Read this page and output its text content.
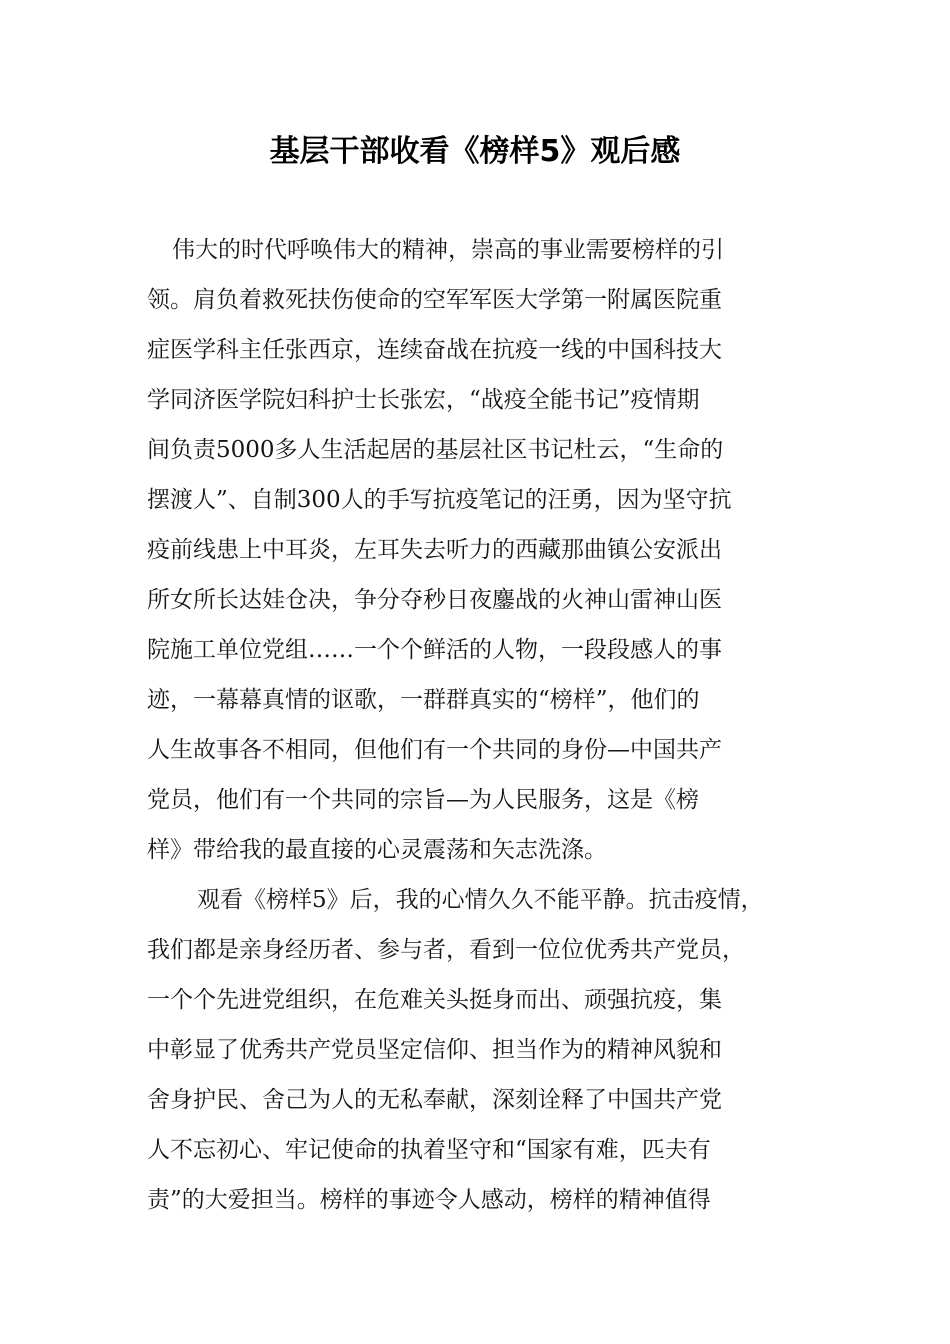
基层干部收看《榜样5》观后感

伟大的时代呼唤伟大的精神，崇高的事业需要榜样的引

领。肩负着救死扶伤使命的空军军医大学第一附属医院重

症医学科主任张西京，连续奋战在抗疫一线的中国科技大

学同济医学院妇科护士长张宏，“战疫全能书记”疫情期

间负责5000多人生活起居的基层社区书记杜云，“生命的

摆渡人”、自制300人的手写抗疫笔记的汪勇，因为坚守抗

疫前线患上中耳炎，左耳失去听力的西藏那曲镇公安派出

所女所长达娃仓决，争分夺秒日夜鏖战的火神山雷神山医

院施工单位党组……一个个鲜活的人物，一段段感人的事

迹，一幕幕真情的讴歌，一群群真实的“榜样”，他们的

人生故事各不相同，但他们有一个共同的身份—中国共产

党员，他们有一个共同的宗旨—为人民服务，这是《榜

样》带给我的最直接的心灵震荡和矢志洗涤。

观看《榜样5》后，我的心情久久不能平静。抗击疫情，

我们都是亲身经历者、参与者，看到一位位优秀共产党员，

一个个先进党组织，在危难关头挺身而出、顽强抗疫，集

中彰显了优秀共产党员坚定信仰、担当作为的精神风貌和

舍身护民、舍己为人的无私奉献，深刻诠释了中国共产党

人不忘初心、牢记使命的执着坚守和“国家有难，匹夫有

责”的大爱担当。榜样的事迹令人感动，榜样的精神值得
